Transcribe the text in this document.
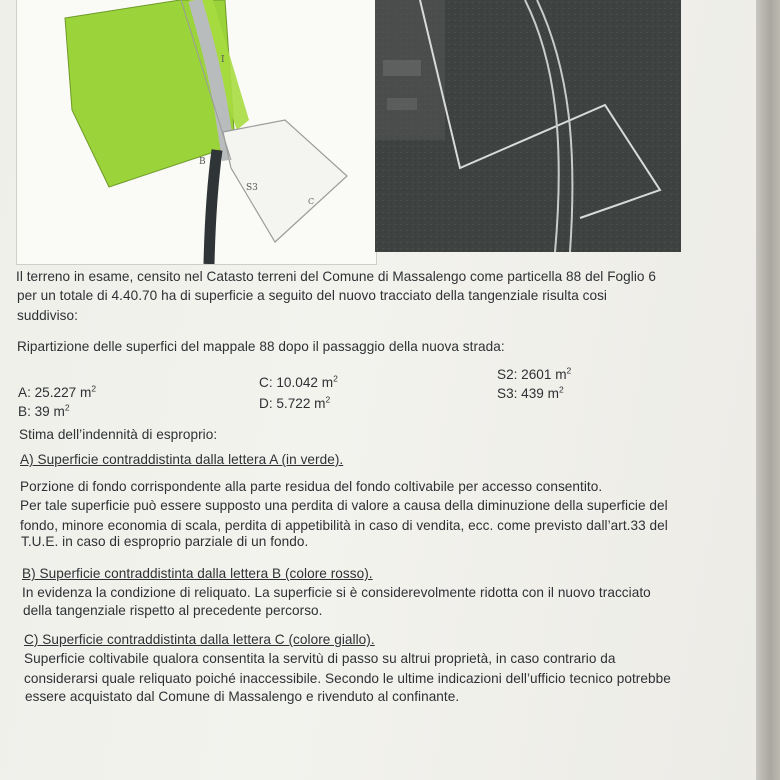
I
B
S3
C
Il terreno in esame, censito nel Catasto terreni del Comune di Massalengo come particella 88 del Foglio 6
per un totale di 4.40.70 ha di superficie a seguito del nuovo tracciato della tangenziale risulta cosi
suddiviso:
Ripartizione delle superfici del mappale 88 dopo il passaggio della nuova strada:
A: 25.227 $m^2$
B: 39 $m^2$
C: 10.042 $m^2$
D: 5.722 $m^2$
S2: 2601 $m^2$
S3: 439 $m^2$
Stima dell’indennità di esproprio:
A) Superficie contraddistinta dalla lettera A (in verde).
Porzione di fondo corrispondente alla parte residua del fondo coltivabile per accesso consentito.
Per tale superficie può essere supposto una perdita di valore a causa della diminuzione della superficie del
fondo, minore economia di scala, perdita di appetibilità in caso di vendita, ecc. come previsto dall’art.33 del
T.U.E. in caso di esproprio parziale di un fondo.
B) Superficie contraddistinta dalla lettera B (colore rosso).
In evidenza la condizione di reliquato. La superficie si è considerevolmente ridotta con il nuovo tracciato
della tangenziale rispetto al precedente percorso.
C) Superficie contraddistinta dalla lettera C (colore giallo).
Superficie coltivabile qualora consentita la servitù di passo su altrui proprietà, in caso contrario da
considerarsi quale reliquato poiché inaccessibile. Secondo le ultime indicazioni dell’ufficio tecnico potrebbe
essere acquistato dal Comune di Massalengo e rivenduto al confinante.
